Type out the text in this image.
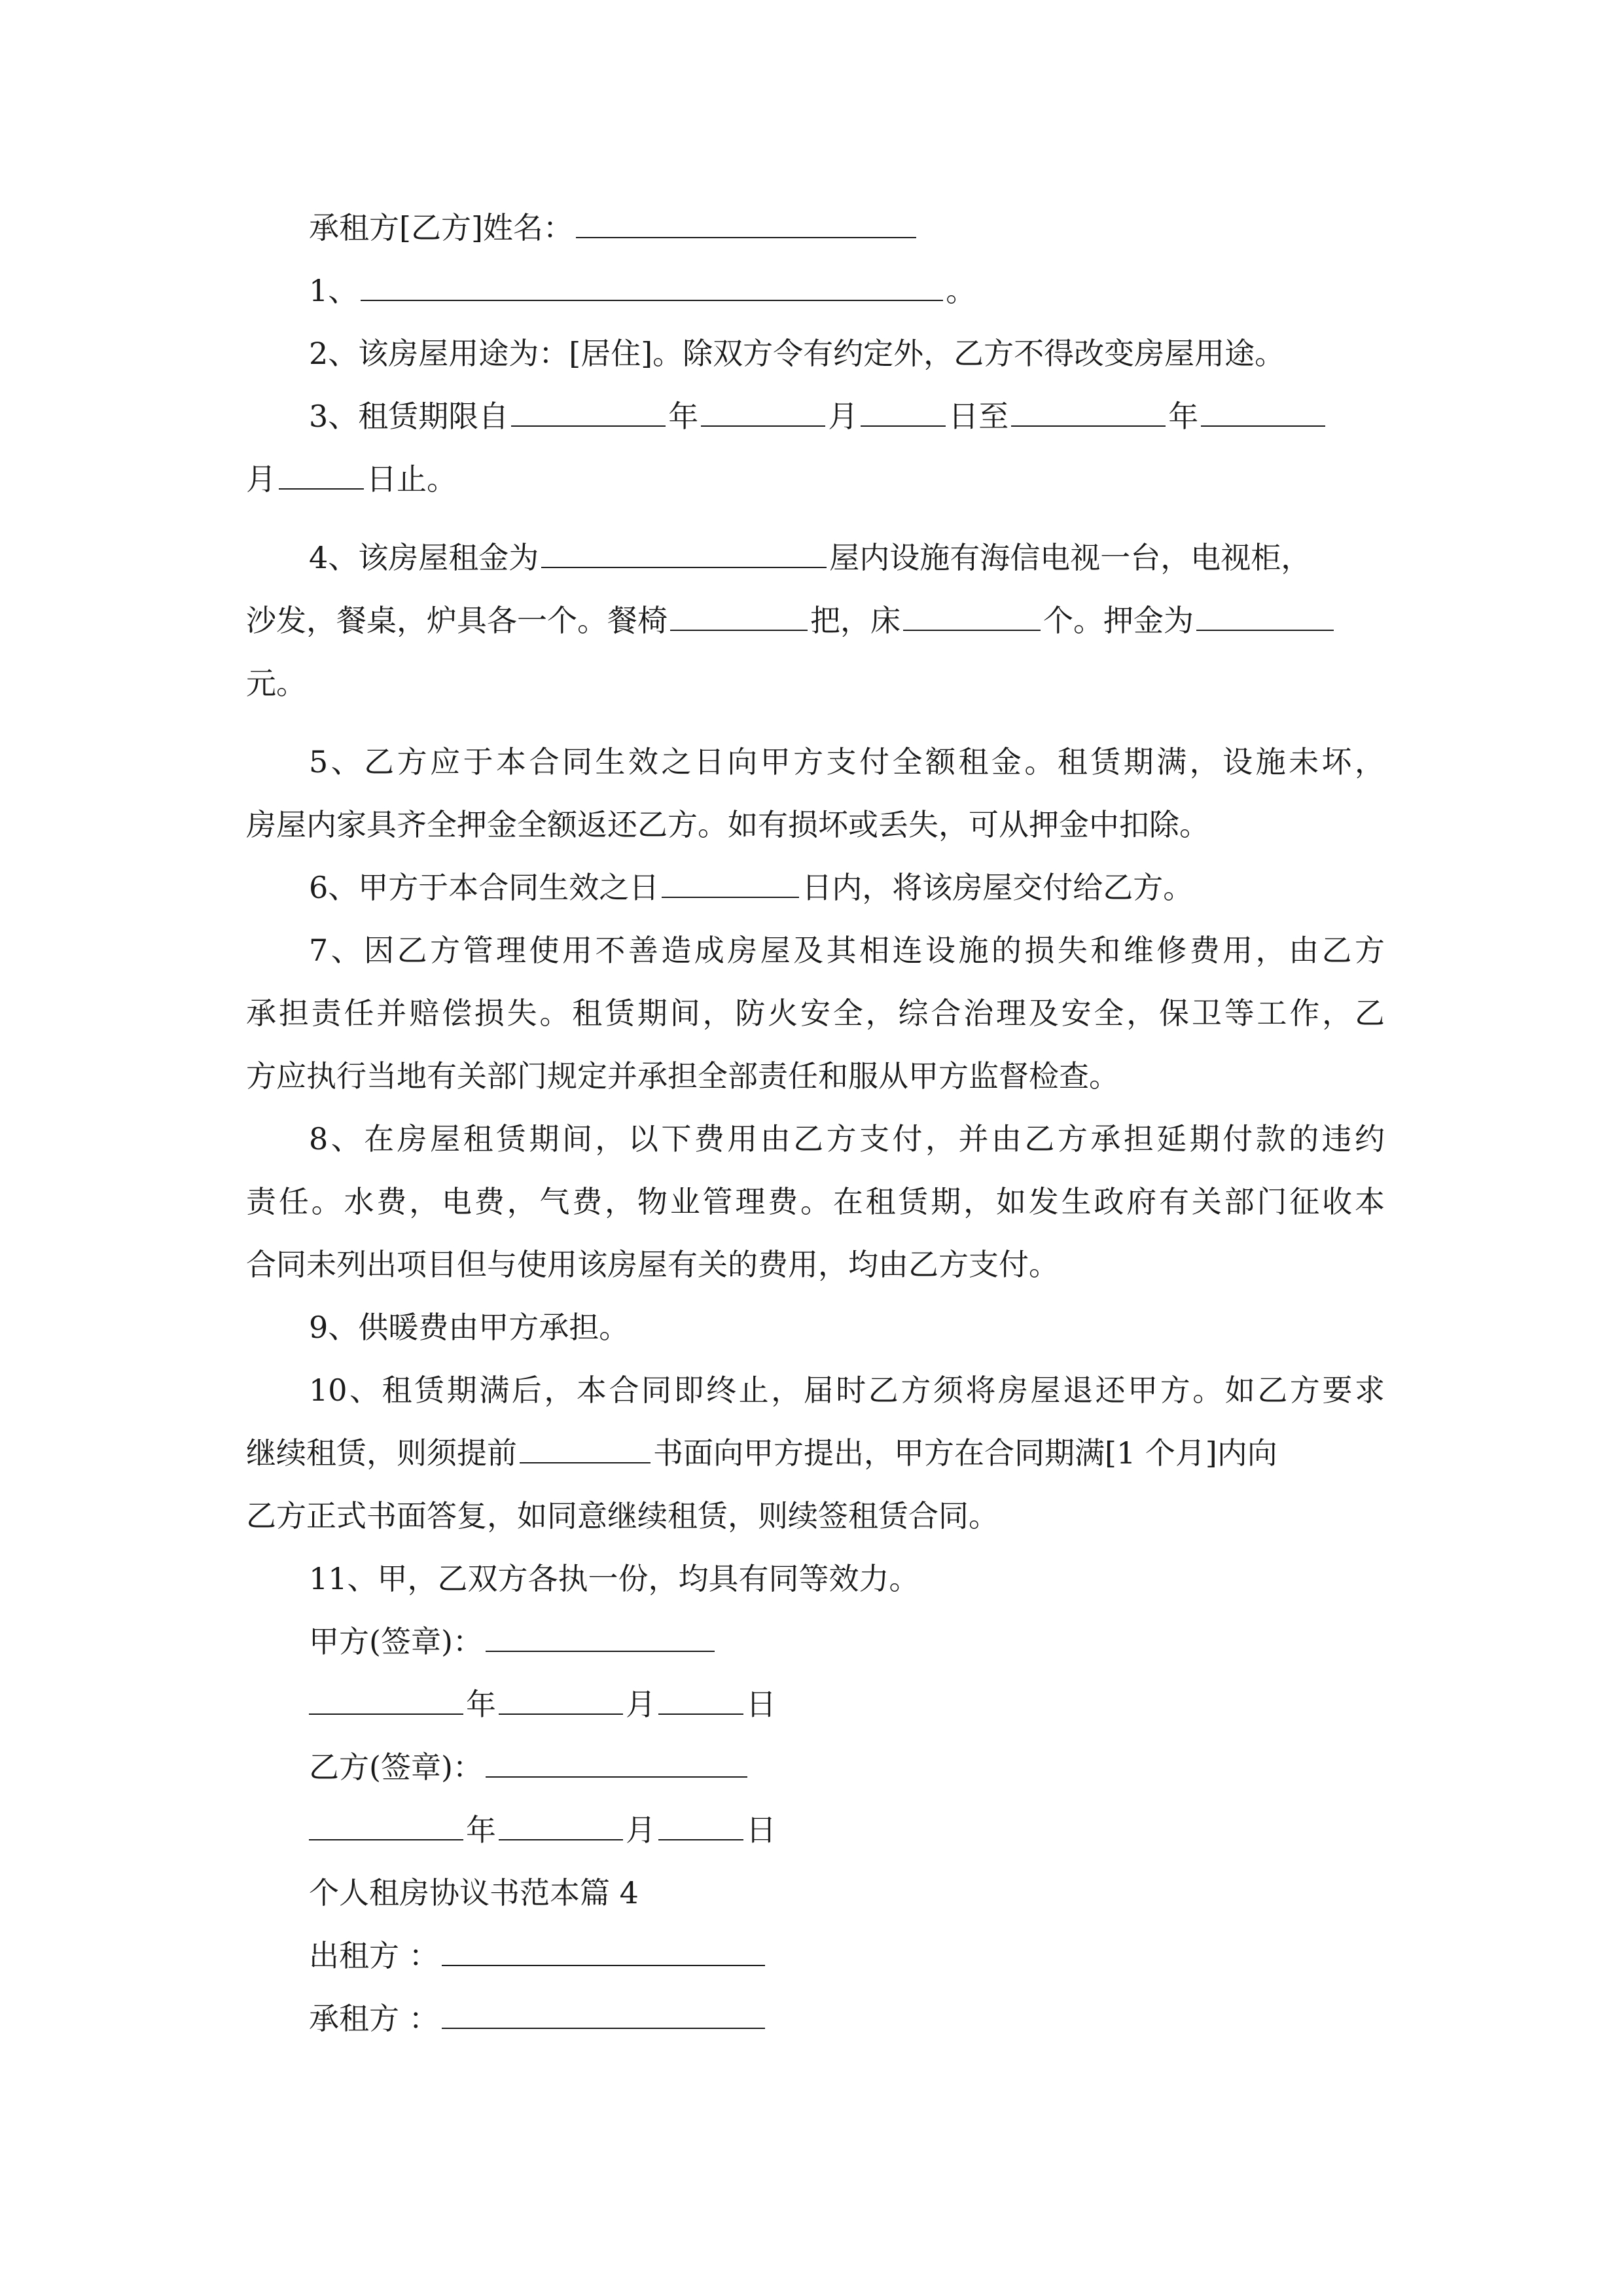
承租方[乙方]姓名：
1、	。
2、该房屋用途为：[居住]。除双方令有约定外，乙方不得改变房屋用途。
3、租赁期限自	年	月	日至	年
月	日止。
4、该房屋租金为	屋内设施有海信电视一台，电视柜，
沙发，餐桌，炉具各一个。餐椅	把，床	个。押金为
元。
5、乙方应于本合同生效之日向甲方支付全额租金。租赁期满，设施未坏，
房屋内家具齐全押金全额返还乙方。如有损坏或丢失，可从押金中扣除。
6、甲方于本合同生效之日	日内，将该房屋交付给乙方。
7、因乙方管理使用不善造成房屋及其相连设施的损失和维修费用，由乙方
承担责任并赔偿损失。租赁期间，防火安全，综合治理及安全，保卫等工作，乙
方应执行当地有关部门规定并承担全部责任和服从甲方监督检查。
8、在房屋租赁期间，以下费用由乙方支付，并由乙方承担延期付款的违约
责任。水费，电费，气费，物业管理费。在租赁期，如发生政府有关部门征收本
合同未列出项目但与使用该房屋有关的费用，均由乙方支付。
9、供暖费由甲方承担。
10、租赁期满后，本合同即终止，届时乙方须将房屋退还甲方。如乙方要求
继续租赁，则须提前	书面向甲方提出，甲方在合同期满[1 个月]内向
乙方正式书面答复，如同意继续租赁，则续签租赁合同。
11、甲，乙双方各执一份，均具有同等效力。
甲方(签章)：
年	月	日
乙方(签章)：
年	月	日
个人租房协议书范本篇 4
出租方 ：
承租方 ：
